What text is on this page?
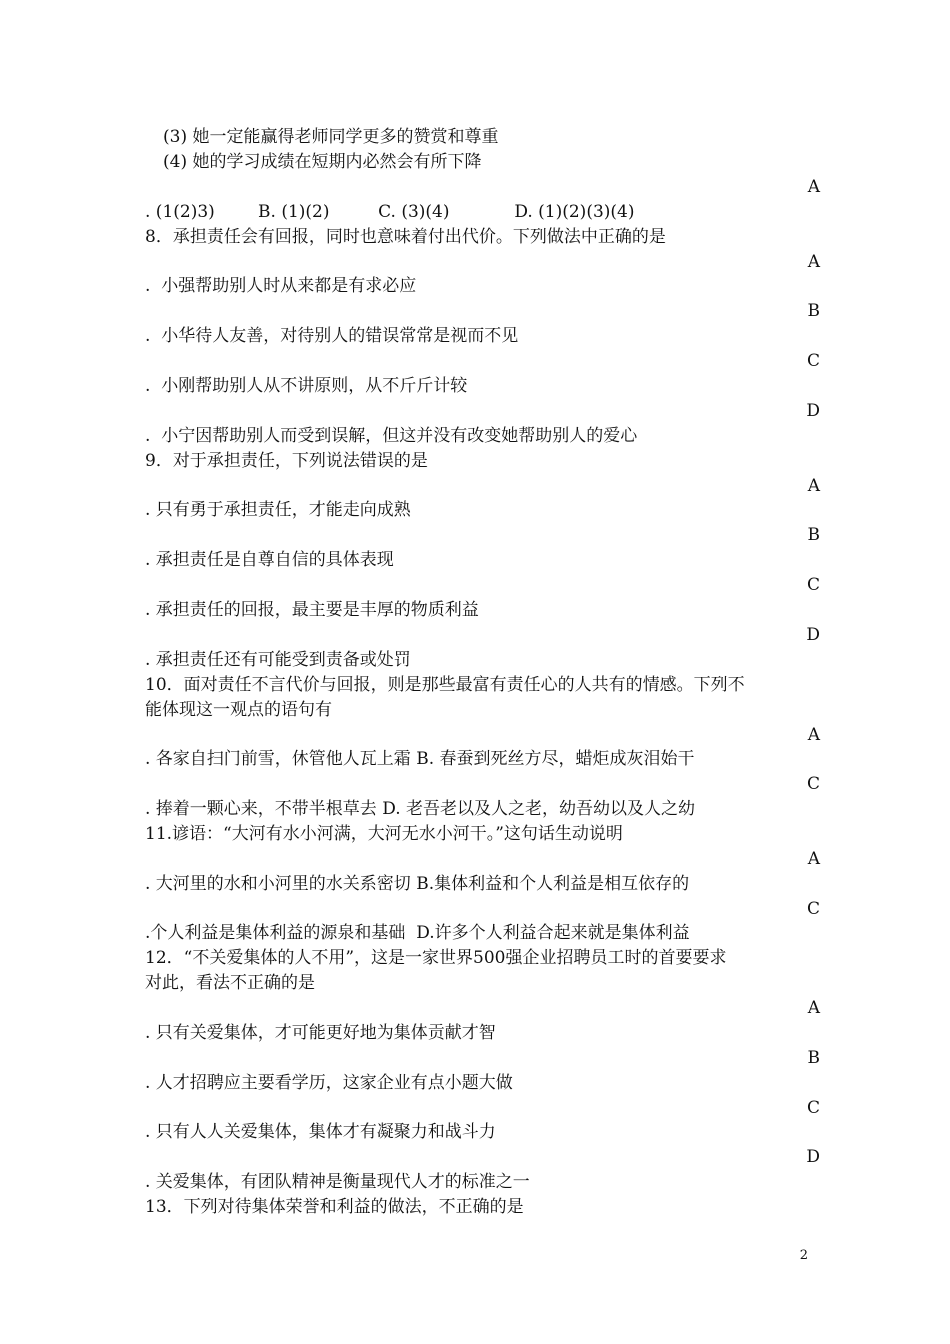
(3) 她一定能赢得老师同学更多的赞赏和尊重
(4) 她的学习成绩在短期内必然会有所下降
A
. (1(2)3)        B. (1)(2)         C. (3)(4)            D. (1)(2)(3)(4)
8．承担责任会有回报，同时也意味着付出代价。下列做法中正确的是
A
.  小强帮助别人时从来都是有求必应
B
.  小华待人友善，对待别人的错误常常是视而不见
C
.  小刚帮助别人从不讲原则，从不斤斤计较
D
.  小宁因帮助别人而受到误解，但这并没有改变她帮助别人的爱心
9．对于承担责任，下列说法错误的是
A
. 只有勇于承担责任，才能走向成熟
B
. 承担责任是自尊自信的具体表现
C
. 承担责任的回报，最主要是丰厚的物质利益
D
. 承担责任还有可能受到责备或处罚
10．面对责任不言代价与回报，则是那些最富有责任心的人共有的情感。下列不
能体现这一观点的语句有
A
. 各家自扫门前雪，休管他人瓦上霜 B. 春蚕到死丝方尽，蜡炬成灰泪始干
C
. 捧着一颗心来，不带半根草去 D. 老吾老以及人之老，幼吾幼以及人之幼
11.谚语：“大河有水小河满，大河无水小河干。”这句话生动说明
A
. 大河里的水和小河里的水关系密切 B.集体利益和个人利益是相互依存的
C
.个人利益是集体利益的源泉和基础  D.许多个人利益合起来就是集体利益
12．“不关爱集体的人不用”，这是一家世界500强企业招聘员工时的首要要求
对此，看法不正确的是
A
. 只有关爱集体，才可能更好地为集体贡献才智
B
. 人才招聘应主要看学历，这家企业有点小题大做
C
. 只有人人关爱集体，集体才有凝聚力和战斗力
D
. 关爱集体，有团队精神是衡量现代人才的标准之一
13．下列对待集体荣誉和利益的做法，不正确的是
2
